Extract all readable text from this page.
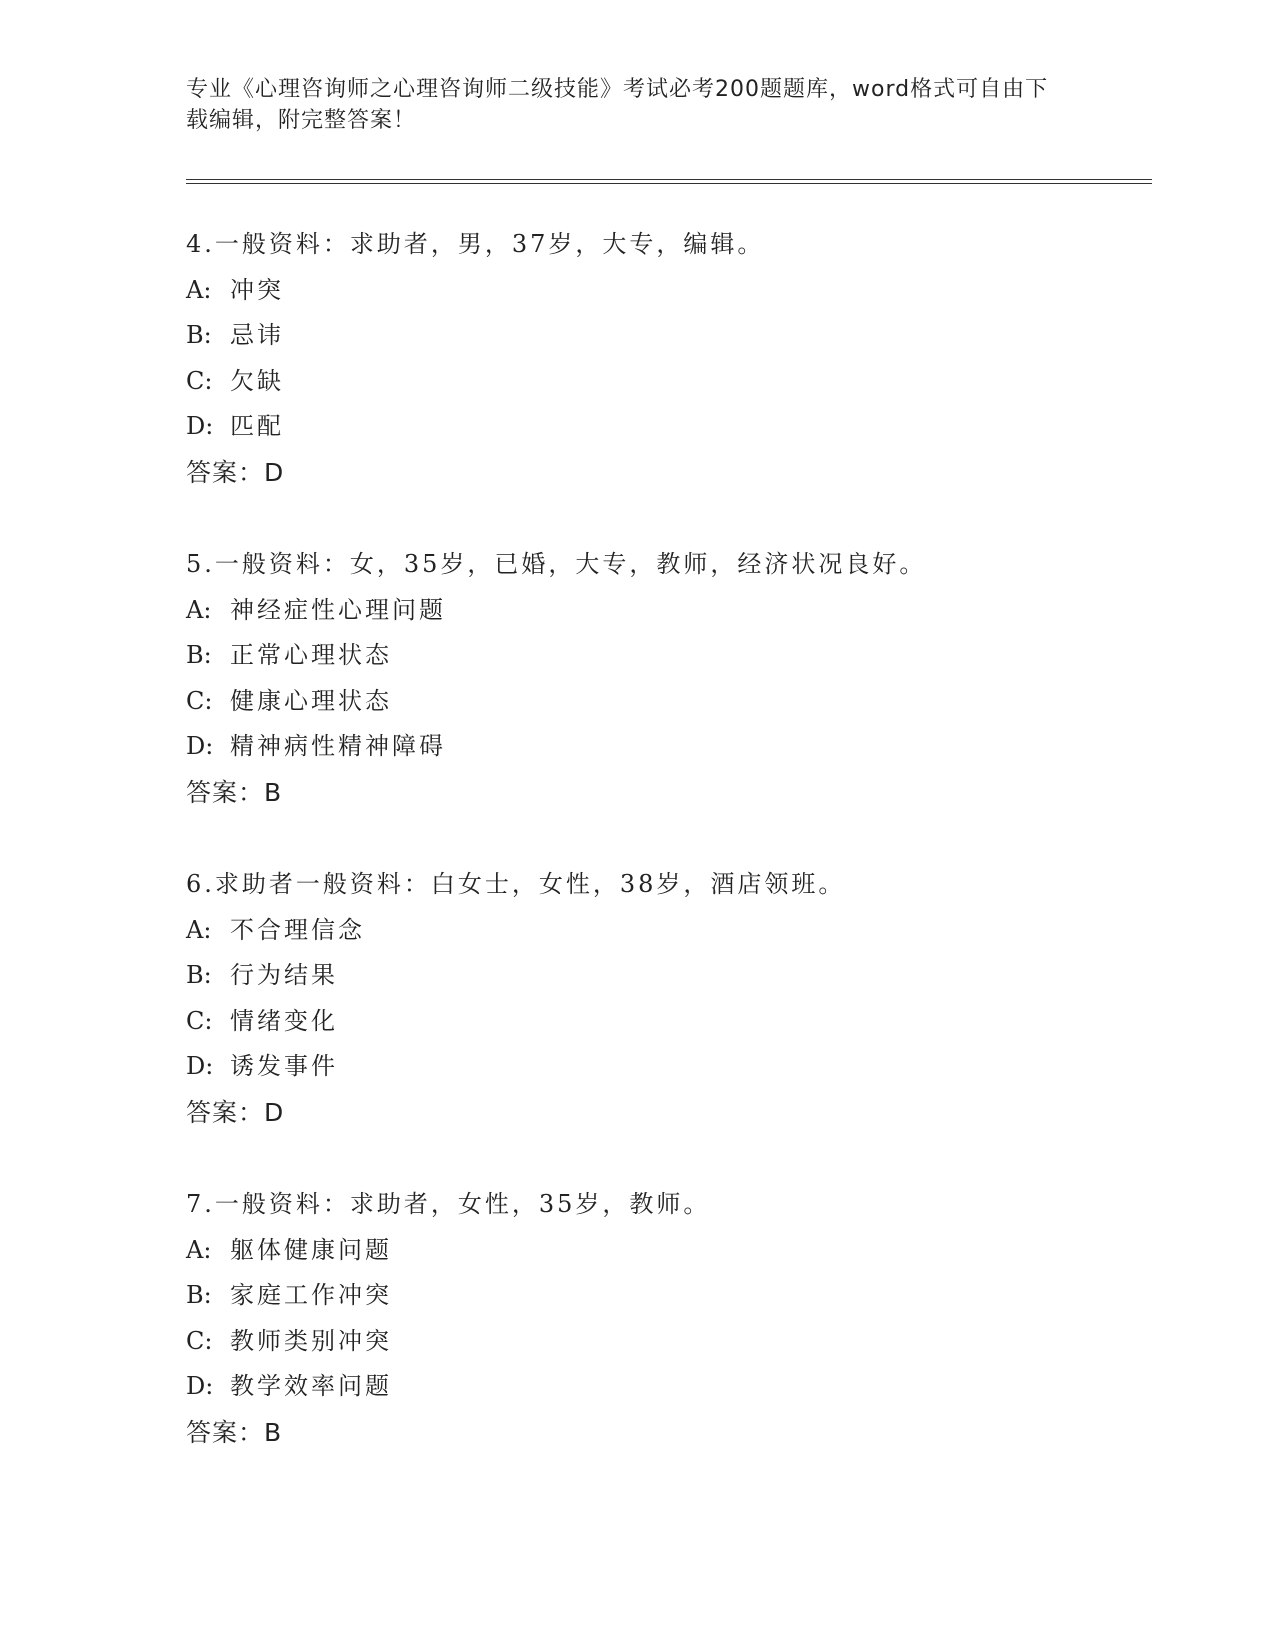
专业《心理咨询师之心理咨询师二级技能》考试必考200题题库，word格式可自由下载编辑，附完整答案！
4.一般资料：求助者，男，37岁，大专，编辑。
A: 冲突
B: 忌讳
C: 欠缺
D: 匹配
答案：D
5.一般资料：女，35岁，已婚，大专，教师，经济状况良好。
A: 神经症性心理问题
B: 正常心理状态
C: 健康心理状态
D: 精神病性精神障碍
答案：B
6.求助者一般资料：白女士，女性，38岁，酒店领班。
A: 不合理信念
B: 行为结果
C: 情绪变化
D: 诱发事件
答案：D
7.一般资料：求助者，女性，35岁，教师。
A: 躯体健康问题
B: 家庭工作冲突
C: 教师类别冲突
D: 教学效率问题
答案：B
